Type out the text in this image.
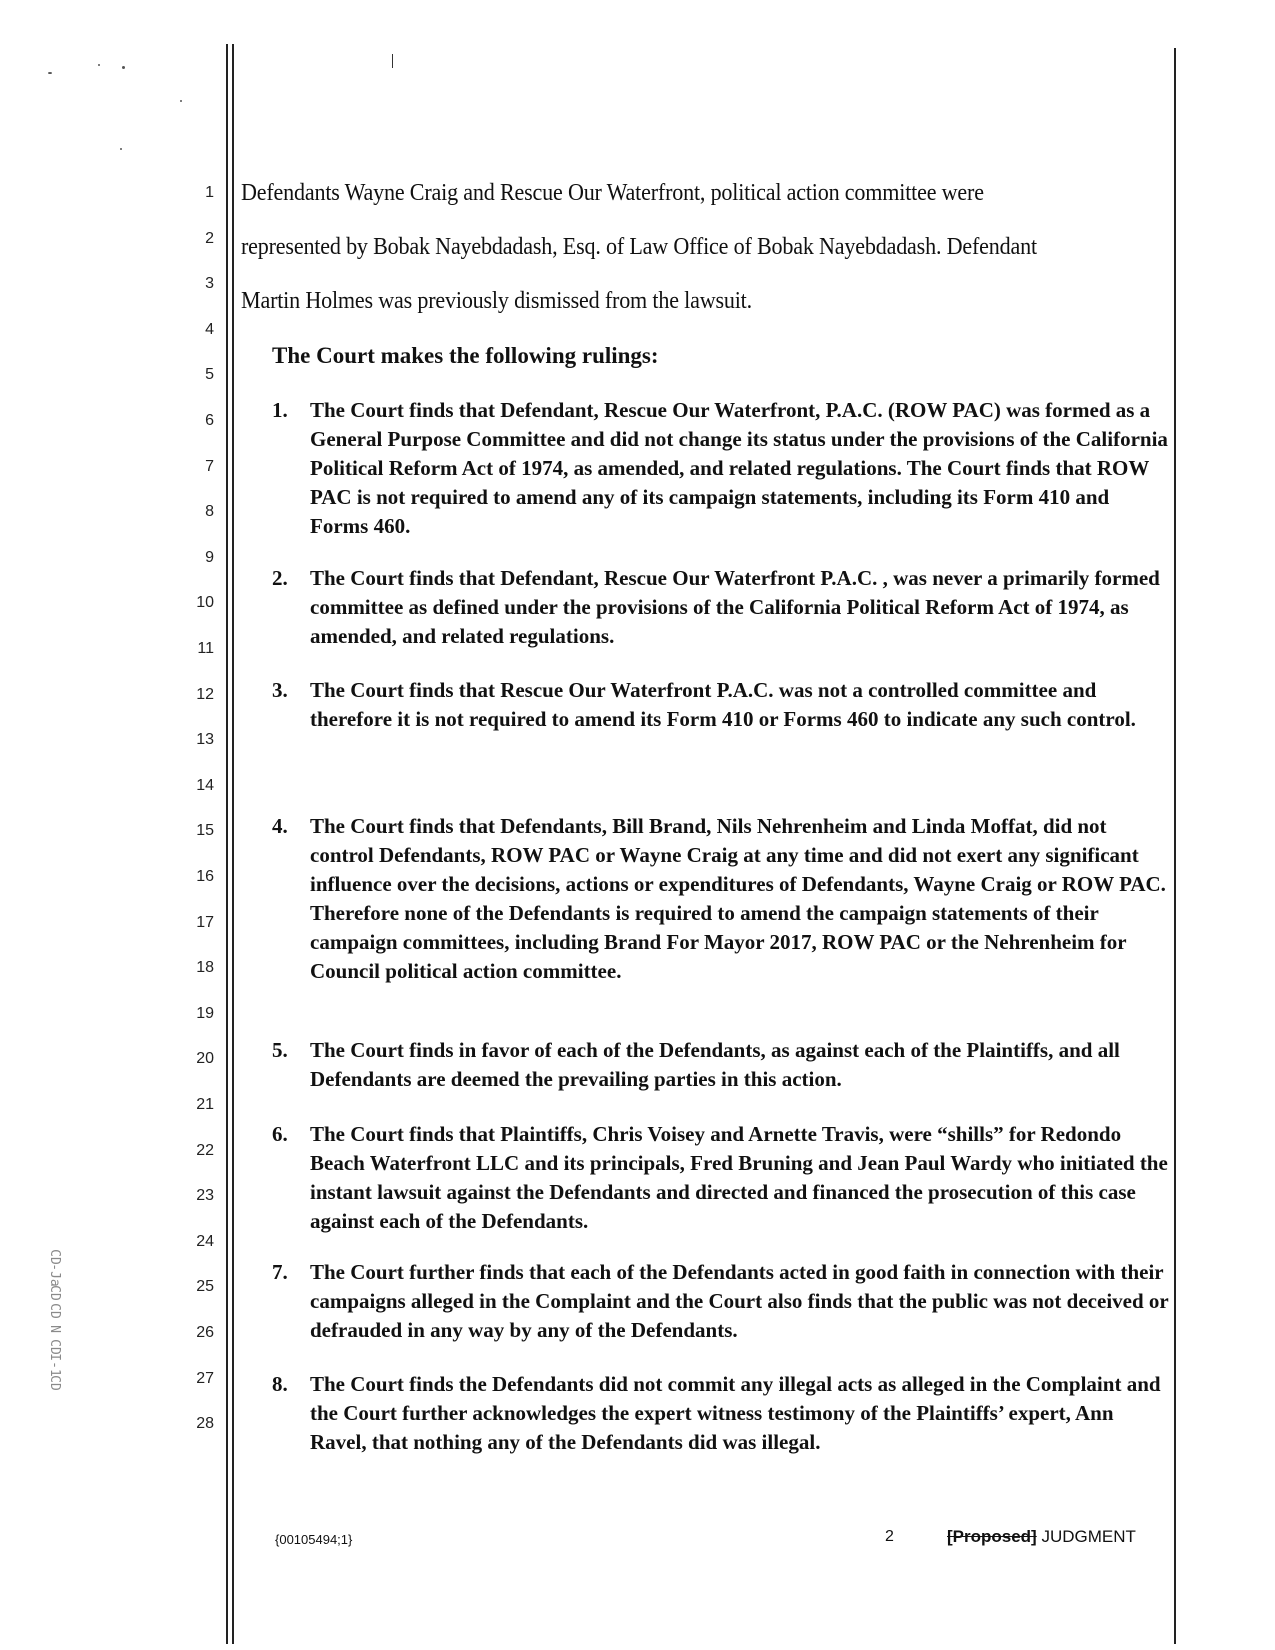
1
2
3
4
5
6
7
8
9
10
11
12
13
14
15
16
17
18
19
20
21
22
23
24
25
26
27
28

Defendants Wayne Craig and Rescue Our Waterfront, political action committee were

represented by Bobak Nayebdadash, Esq. of Law Office of Bobak Nayebdadash. Defendant

Martin Holmes was previously dismissed from the lawsuit.

The Court makes the following rulings:
1.	The Court finds that Defendant, Rescue Our Waterfront, P.A.C. (ROW PAC) was formed as a General Purpose Committee and did not change its status under the provisions of the California Political Reform Act of 1974, as amended, and related regulations. The Court finds that ROW PAC is not required to amend any of its campaign statements, including its Form 410 and Forms 460.
2.	The Court finds that Defendant, Rescue Our Waterfront P.A.C. , was never a primarily formed committee as defined under the provisions of the California Political Reform Act of 1974, as amended, and related regulations.
3.	The Court finds that Rescue Our Waterfront P.A.C. was not a controlled committee and therefore it is not required to amend its Form 410 or Forms 460 to indicate any such control.
4.	The Court finds that Defendants, Bill Brand, Nils Nehrenheim and Linda Moffat, did not control Defendants, ROW PAC or Wayne Craig at any time and did not exert any significant influence over the decisions, actions or expenditures of Defendants, Wayne Craig or ROW PAC. Therefore none of the Defendants is required to amend the campaign statements of their campaign committees, including Brand For Mayor 2017, ROW PAC or the Nehrenheim for Council political action committee.
5.	The Court finds in favor of each of the Defendants, as against each of the Plaintiffs, and all Defendants are deemed the prevailing parties in this action.
6.	The Court finds that Plaintiffs, Chris Voisey and Arnette Travis, were “shills” for Redondo Beach Waterfront LLC and its principals, Fred Bruning and Jean Paul Wardy who initiated the instant lawsuit against the Defendants and directed and financed the prosecution of this case against each of the Defendants.
7.	The Court further finds that each of the Defendants acted in good faith in connection with their campaigns alleged in the Complaint and the Court also finds that the public was not deceived or defrauded in any way by any of the Defendants.
8.	The Court finds the Defendants did not commit any illegal acts as alleged in the Complaint and the Court further acknowledges the expert witness testimony of the Plaintiffs’ expert, Ann Ravel, that nothing any of the Defendants did was illegal.
{00105494;1}	2	[Proposed] JUDGMENT
CD
-Ja
CD
CD
N
CD
I-1
CD
